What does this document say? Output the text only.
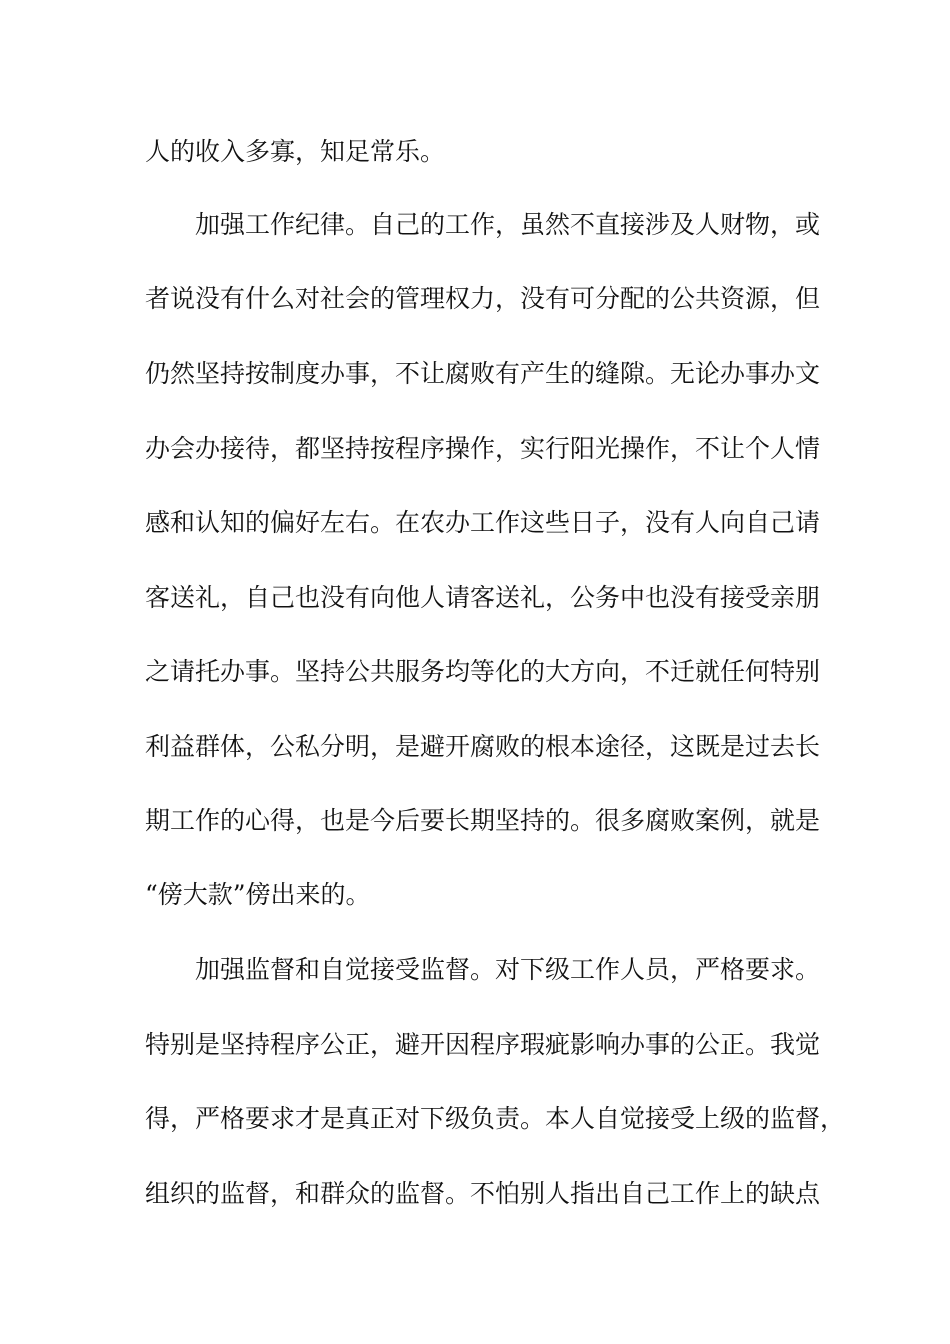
人的收入多寡，知足常乐。
加强工作纪律。自己的工作，虽然不直接涉及人财物，或
者说没有什么对社会的管理权力，没有可分配的公共资源，但
仍然坚持按制度办事，不让腐败有产生的缝隙。无论办事办文
办会办接待，都坚持按程序操作，实行阳光操作，不让个人情
感和认知的偏好左右。在农办工作这些日子，没有人向自己请
客送礼，自己也没有向他人请客送礼，公务中也没有接受亲朋
之请托办事。坚持公共服务均等化的大方向，不迁就任何特别
利益群体，公私分明，是避开腐败的根本途径，这既是过去长
期工作的心得，也是今后要长期坚持的。很多腐败案例，就是
“傍大款”傍出来的。
加强监督和自觉接受监督。对下级工作人员，严格要求。
特别是坚持程序公正，避开因程序瑕疵影响办事的公正。我觉
得，严格要求才是真正对下级负责。本人自觉接受上级的监督，
组织的监督，和群众的监督。不怕别人指出自己工作上的缺点
